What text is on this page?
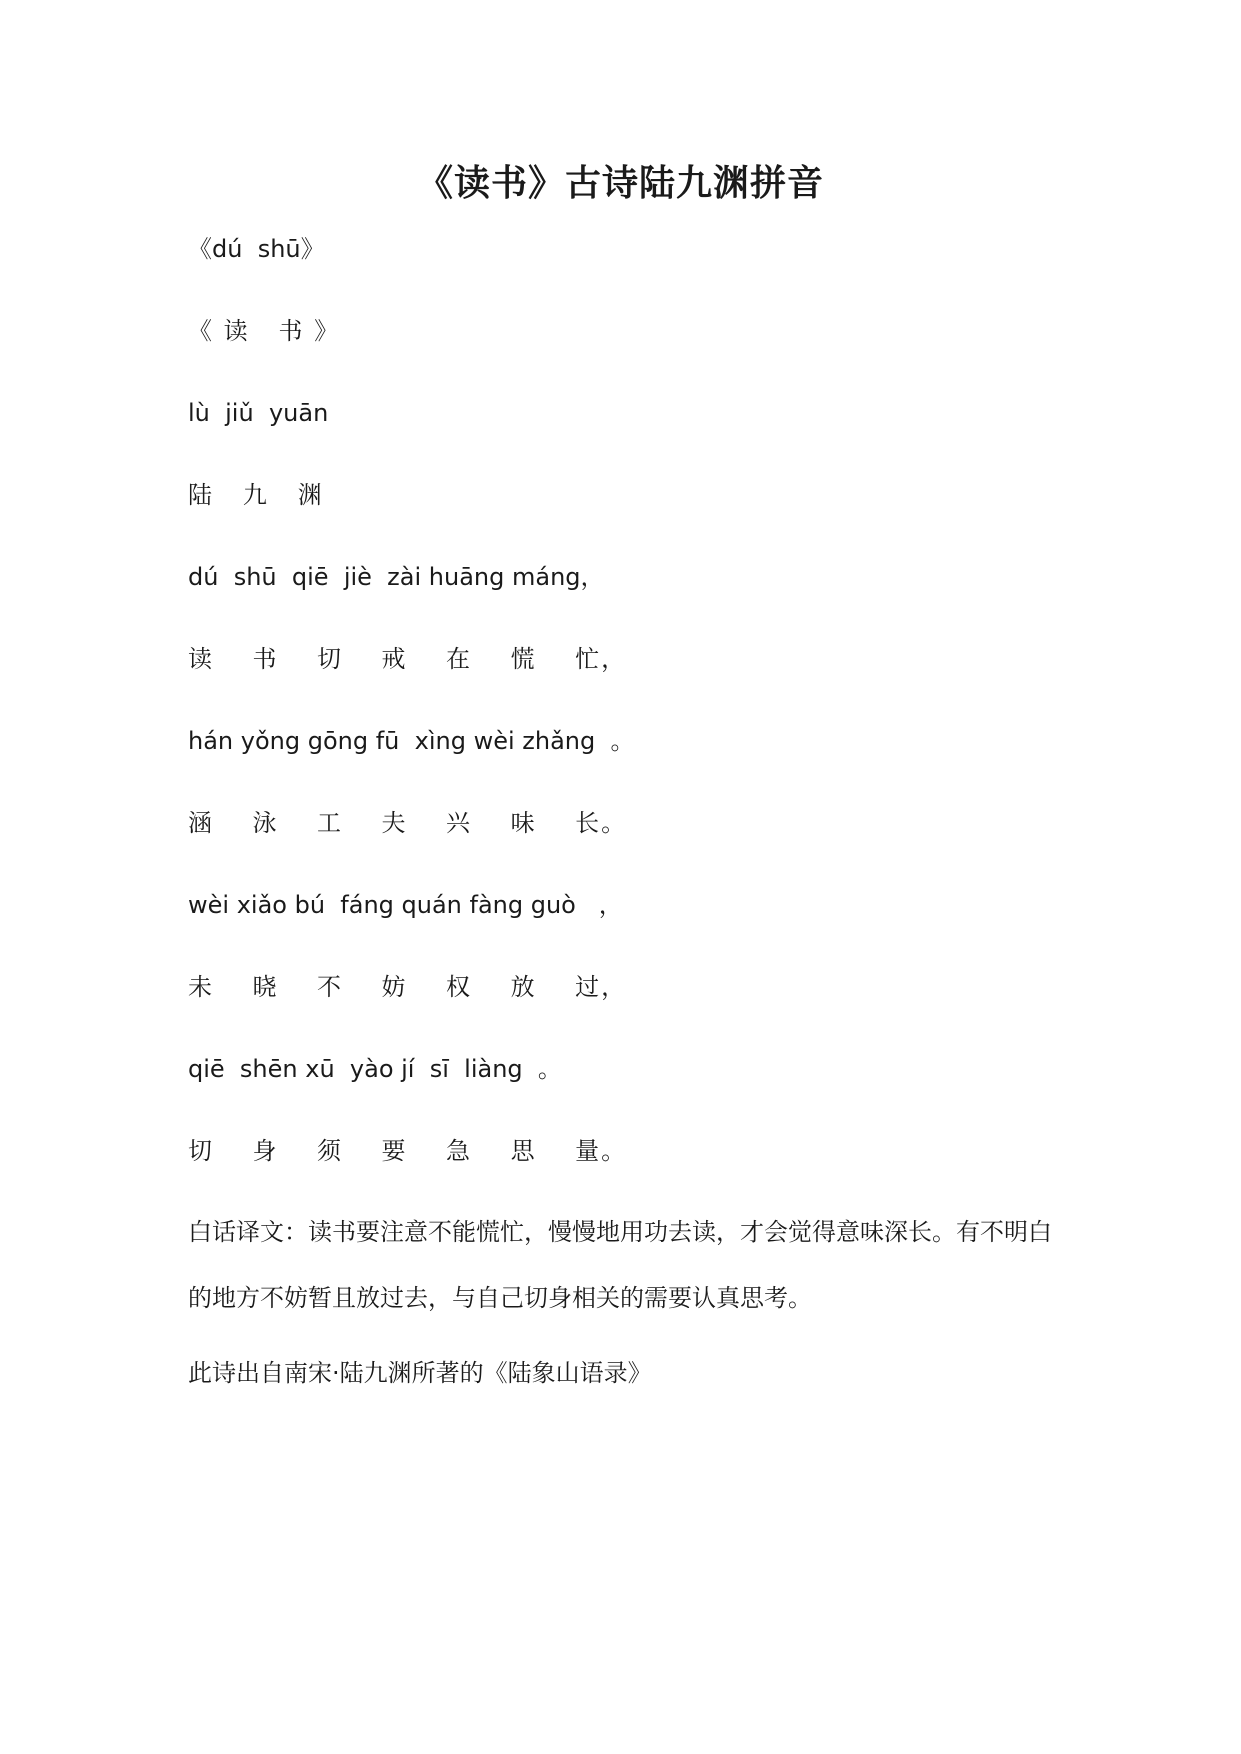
《读书》古诗陆九渊拼音

《dú  shū》

《 读   书 》

lù  jiǔ  yuān

陆   九   渊

dú  shū  qiē  jiè  zài huāng máng，

读    书    切    戒    在    慌    忙，

hán yǒng gōng fū  xìng wèi zhǎng  。

涵    泳    工    夫    兴    味    长。

wèi xiǎo bú  fáng quán fàng guò   ，

未    晓    不    妨    权    放    过，

qiē  shēn xū  yào jí  sī  liàng  。

切    身    须    要    急    思    量。

白话译文：读书要注意不能慌忙，慢慢地用功去读，才会觉得意味深长。有不明白的地方不妨暂且放过去，与自己切身相关的需要认真思考。

此诗出自南宋·陆九渊所著的《陆象山语录》
